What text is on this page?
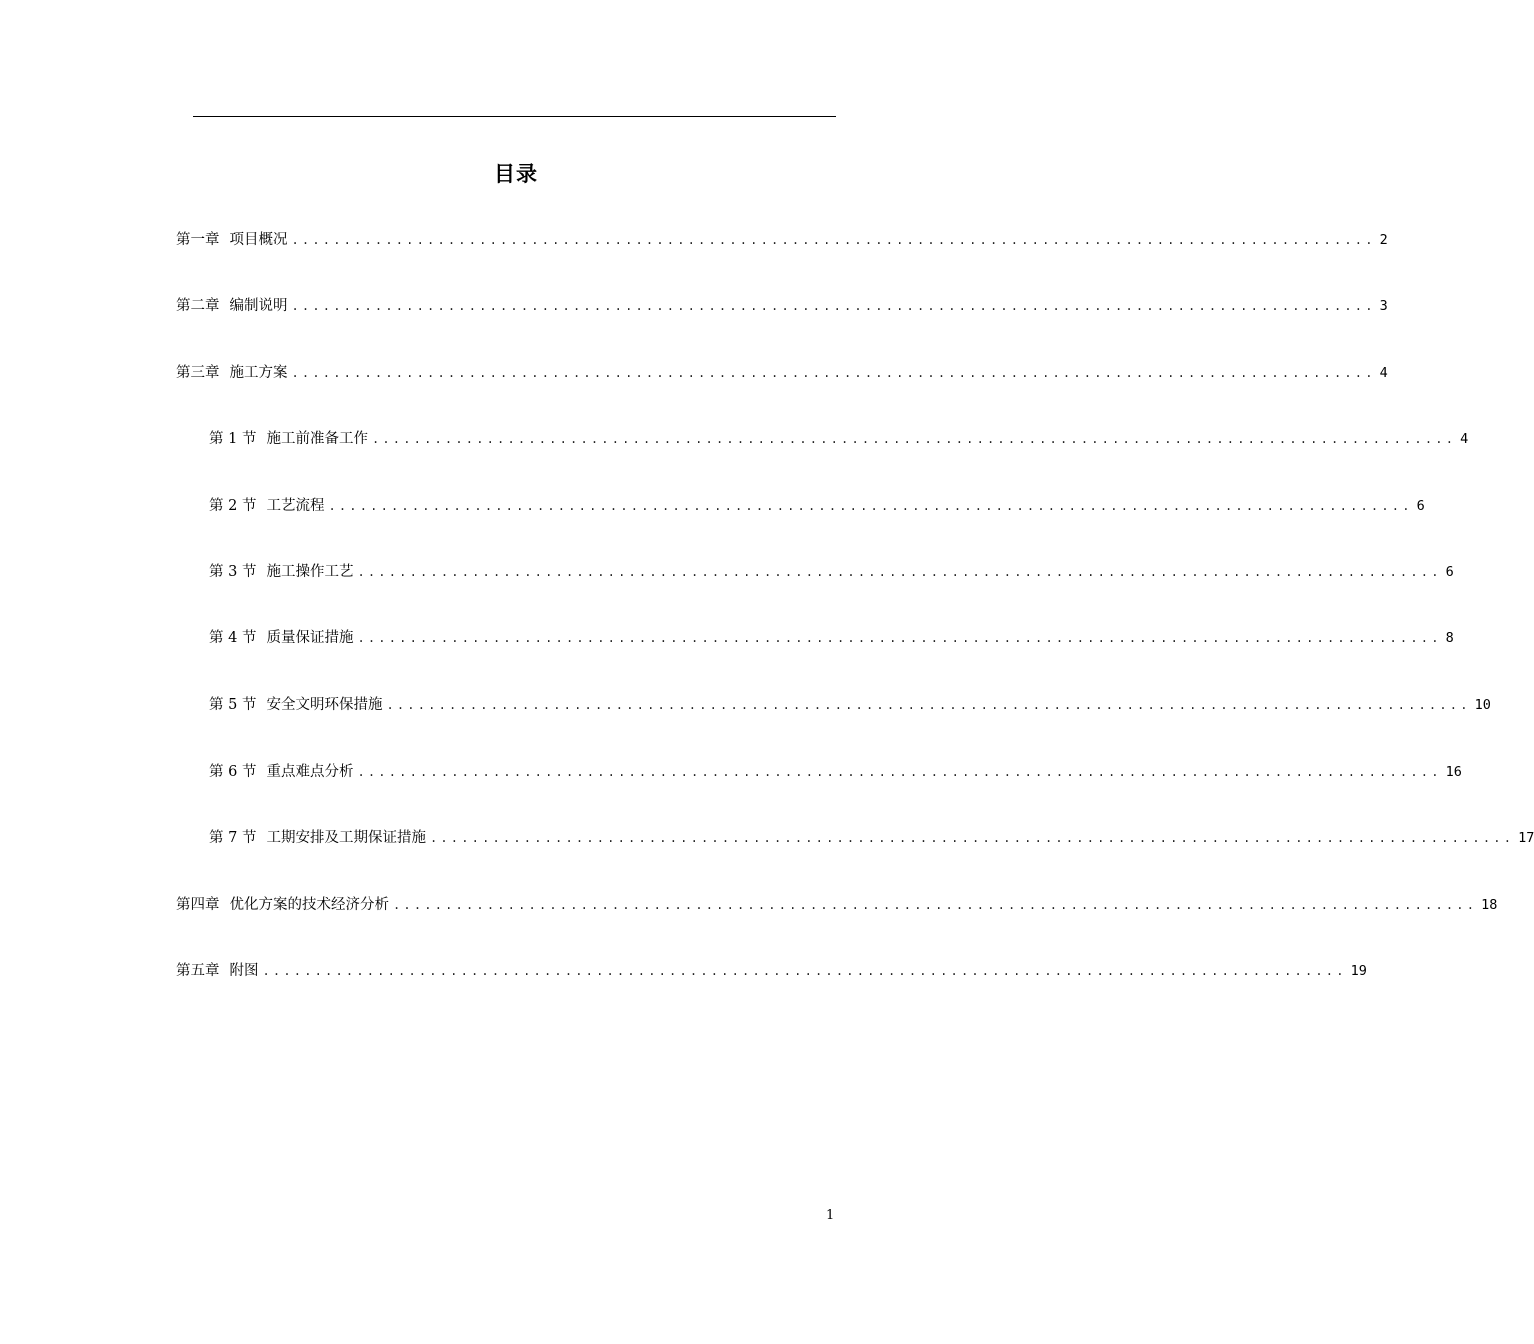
目录
第一章 项目概况 ........................................................................................................ 2
第二章 编制说明 ........................................................................................................ 3
第三章 施工方案 ........................................................................................................ 4
第 1 节 施工前准备工作 ........................................................................................................ 4
第 2 节 工艺流程 ........................................................................................................ 6
第 3 节 施工操作工艺 ........................................................................................................ 6
第 4 节 质量保证措施 ........................................................................................................ 8
第 5 节 安全文明环保措施 ........................................................................................................ 10
第 6 节 重点难点分析 ........................................................................................................ 16
第 7 节 工期安排及工期保证措施 ........................................................................................................ 17
第四章 优化方案的技术经济分析 ........................................................................................................ 18
第五章 附图 ........................................................................................................ 19
1
